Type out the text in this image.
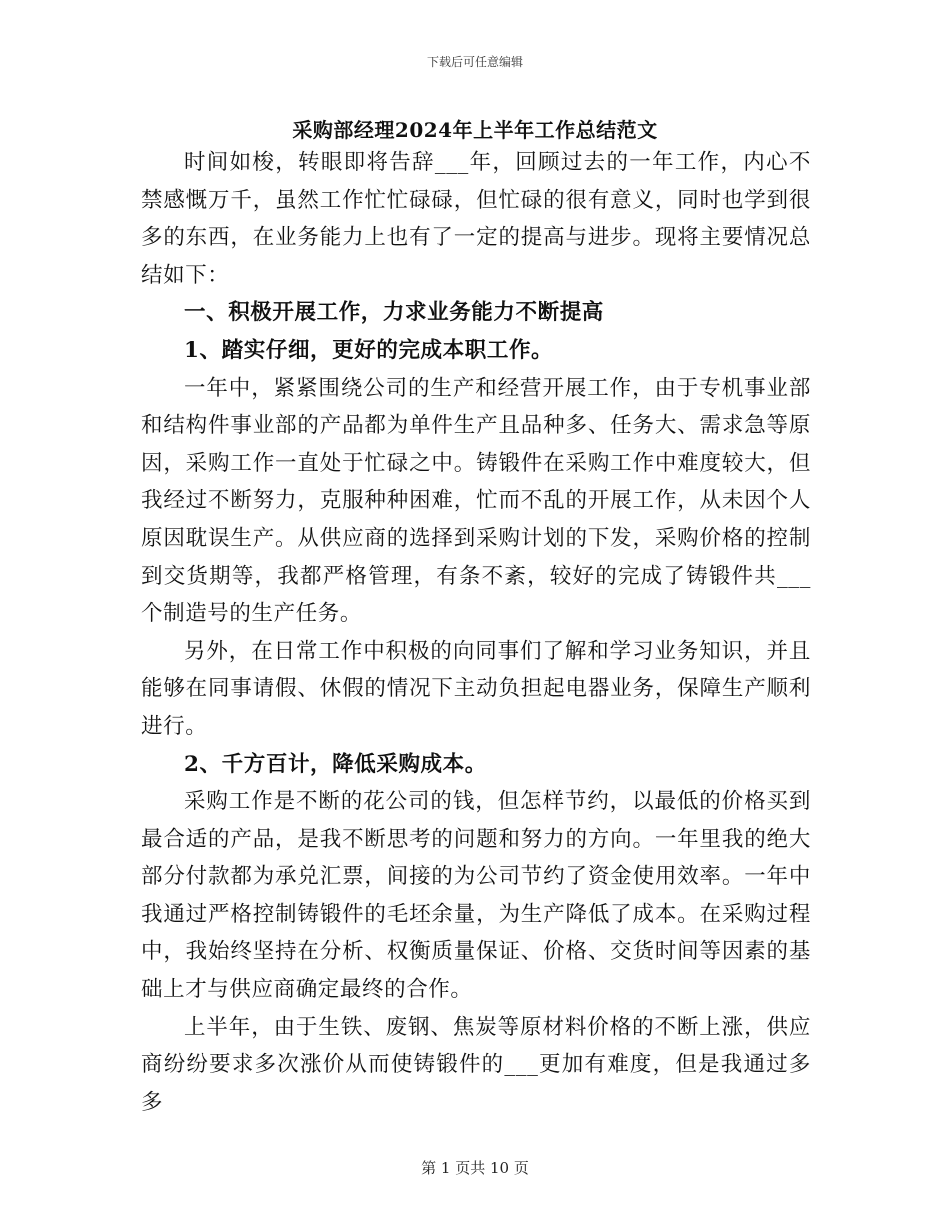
下载后可任意编辑
采购部经理2024年上半年工作总结范文

时间如梭，转眼即将告辞___年，回顾过去的一年工作，内心不禁感慨万千，虽然工作忙忙碌碌，但忙碌的很有意义，同时也学到很多的东西，在业务能力上也有了一定的提高与进步。现将主要情况总结如下：

一、积极开展工作，力求业务能力不断提高

1、踏实仔细，更好的完成本职工作。

一年中，紧紧围绕公司的生产和经营开展工作，由于专机事业部和结构件事业部的产品都为单件生产且品种多、任务大、需求急等原因，采购工作一直处于忙碌之中。铸锻件在采购工作中难度较大，但我经过不断努力，克服种种困难，忙而不乱的开展工作，从未因个人原因耽误生产。从供应商的选择到采购计划的下发，采购价格的控制到交货期等，我都严格管理，有条不紊，较好的完成了铸锻件共___个制造号的生产任务。

另外，在日常工作中积极的向同事们了解和学习业务知识，并且能够在同事请假、休假的情况下主动负担起电器业务，保障生产顺利进行。

2、千方百计，降低采购成本。

采购工作是不断的花公司的钱，但怎样节约，以最低的价格买到最合适的产品，是我不断思考的问题和努力的方向。一年里我的绝大部分付款都为承兑汇票，间接的为公司节约了资金使用效率。一年中我通过严格控制铸锻件的毛坯余量，为生产降低了成本。在采购过程中，我始终坚持在分析、权衡质量保证、价格、交货时间等因素的基础上才与供应商确定最终的合作。

上半年，由于生铁、废钢、焦炭等原材料价格的不断上涨，供应商纷纷要求多次涨价从而使铸锻件的___更加有难度，但是我通过多多

第 1 页共 10 页
